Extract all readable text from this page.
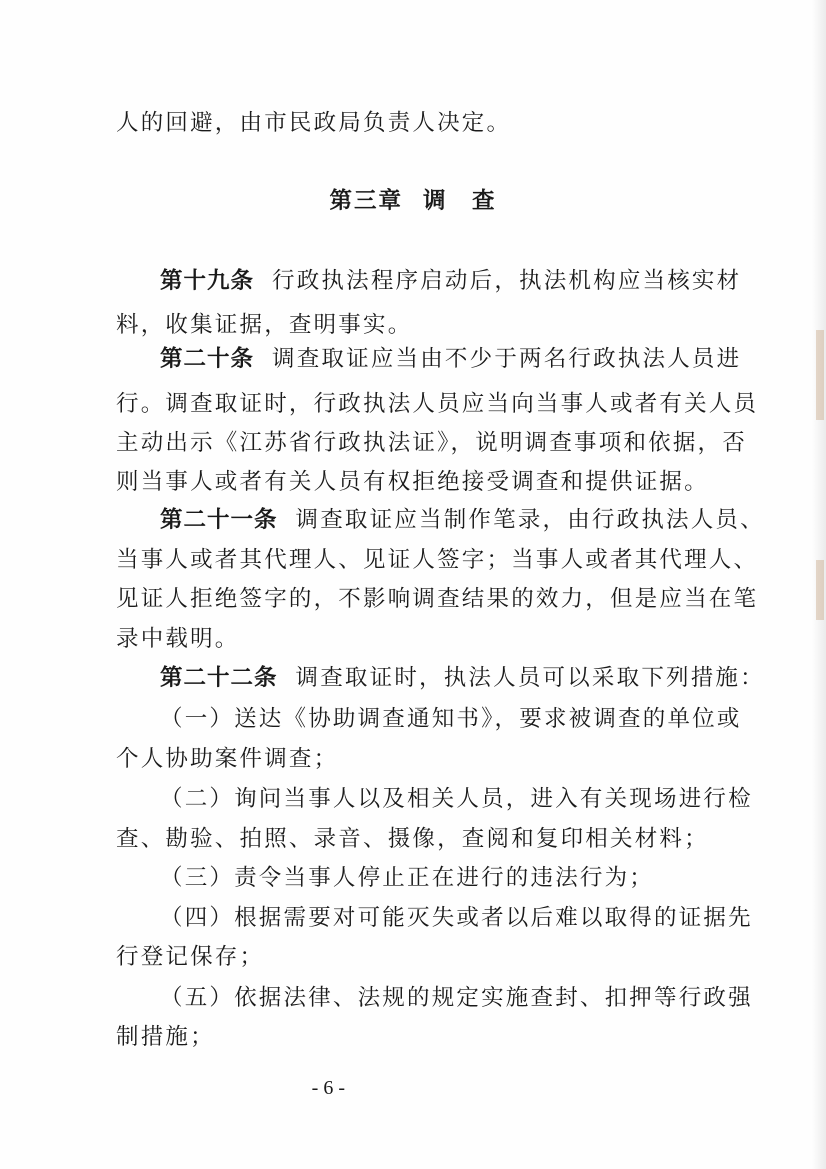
人的回避，由市民政局负责人决定。
第三章 调　查
第十九条 行政执法程序启动后，执法机构应当核实材
料，收集证据，查明事实。
第二十条 调查取证应当由不少于两名行政执法人员进
行。调查取证时，行政执法人员应当向当事人或者有关人员
主动出示《江苏省行政执法证》，说明调查事项和依据，否
则当事人或者有关人员有权拒绝接受调查和提供证据。
第二十一条 调查取证应当制作笔录，由行政执法人员、
当事人或者其代理人、见证人签字；当事人或者其代理人、
见证人拒绝签字的，不影响调查结果的效力，但是应当在笔
录中载明。
第二十二条 调查取证时，执法人员可以采取下列措施：
（一）送达《协助调查通知书》，要求被调查的单位或
个人协助案件调查；
（二）询问当事人以及相关人员，进入有关现场进行检
查、勘验、拍照、录音、摄像，查阅和复印相关材料；
（三）责令当事人停止正在进行的违法行为；
（四）根据需要对可能灭失或者以后难以取得的证据先
行登记保存；
（五）依据法律、法规的规定实施查封、扣押等行政强
制措施；
- 6 -
